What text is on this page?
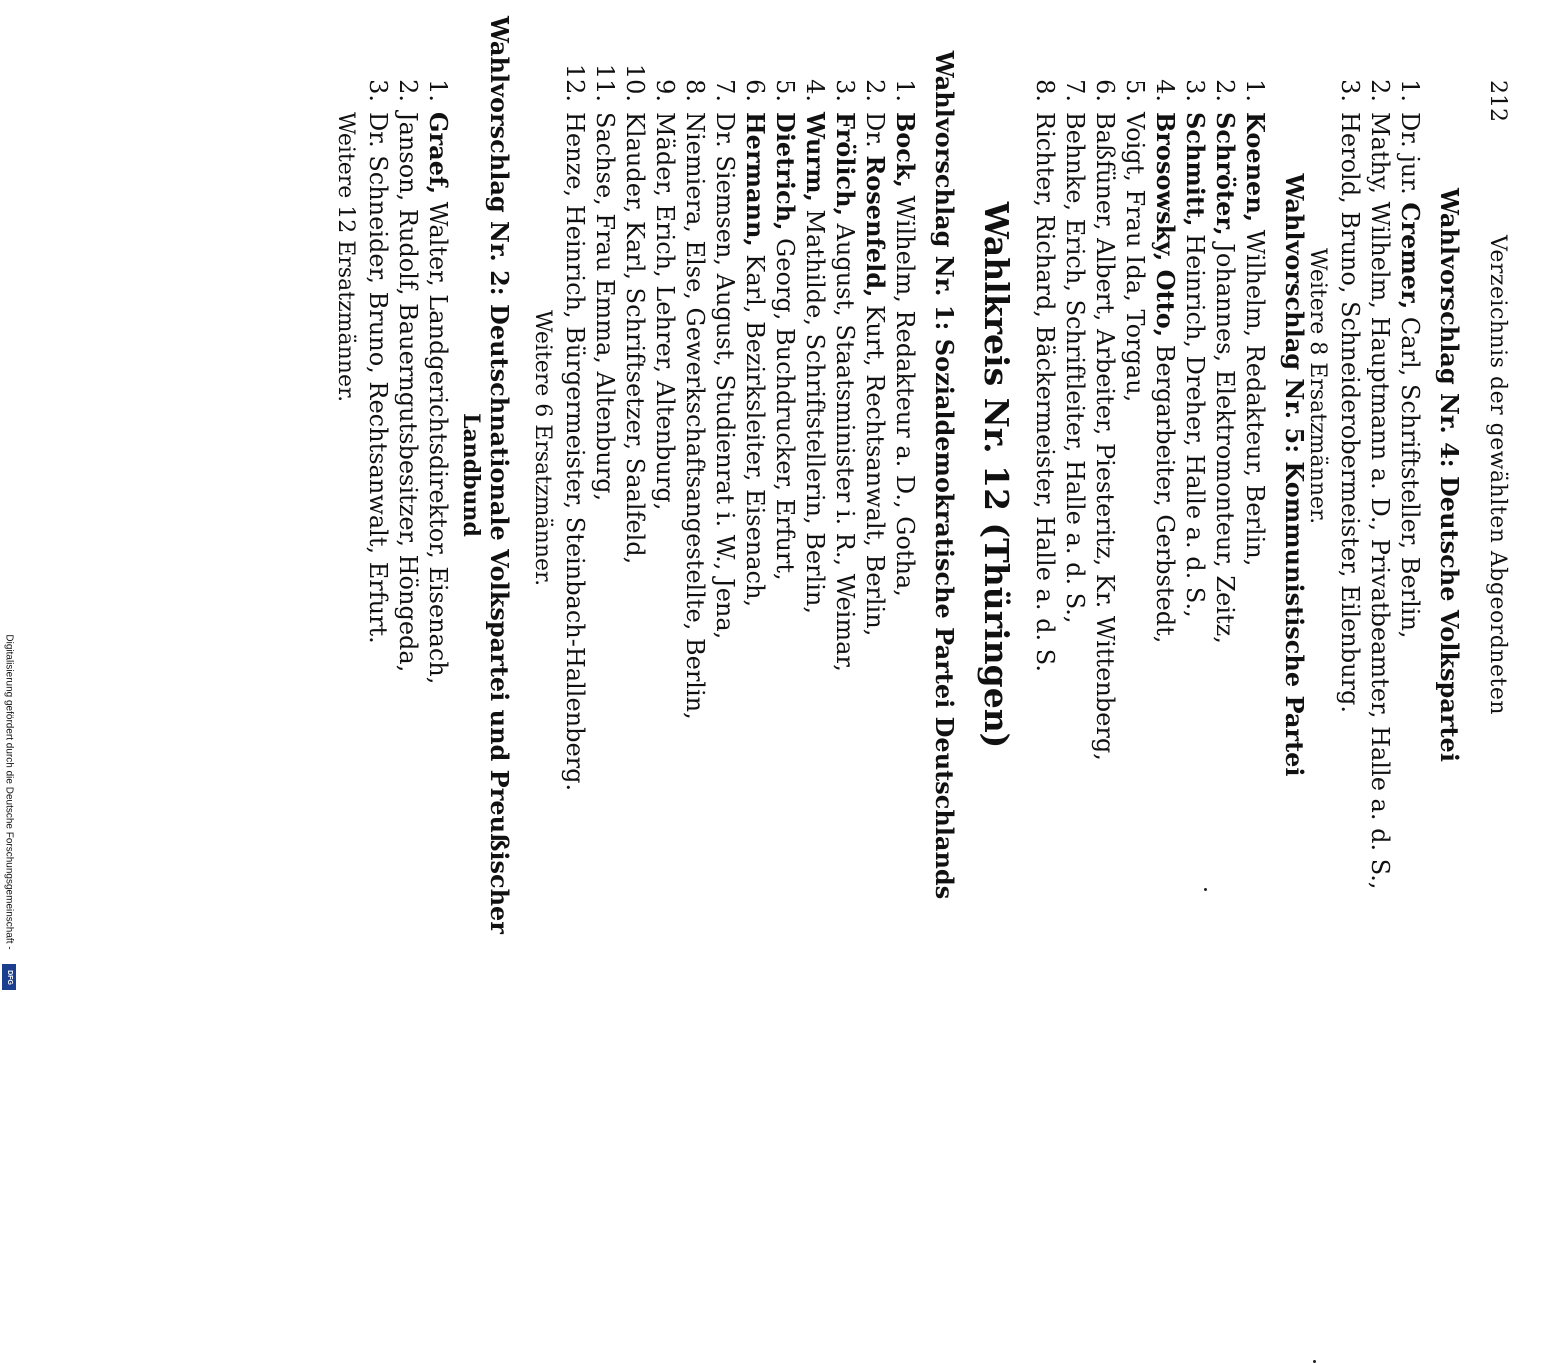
Digitalisierung gefördert durch die Deutsche Forschungsgemeinschaft -
DFG
212
Verzeichnis der gewählten Abgeordneten
Wahlvorschlag Nr. 4: Deutsche Volkspartei
1.Dr. jur. Cremer, Carl, Schriftsteller, Berlin,
2.Mathy, Wilhelm, Hauptmann a. D., Privatbeamter, Halle a. d. S.,
3.Herold, Bruno, Schneiderobermeister, Eilenburg.
Weitere 8 Ersatzmänner.
Wahlvorschlag Nr. 5: Kommunistische Partei
1.Koenen, Wilhelm, Redakteur, Berlin,
2.Schröter, Johannes, Elektromonteur, Zeitz,
3.Schmitt, Heinrich, Dreher, Halle a. d. S.,
4.Brosowsky, Otto, Bergarbeiter, Gerbstedt,
5.Voigt, Frau Ida, Torgau,
6.Baßfüner, Albert, Arbeiter, Piesteritz, Kr. Wittenberg,
7.Behnke, Erich, Schriftleiter, Halle a. d. S.,
8.Richter, Richard, Bäckermeister, Halle a. d. S.
Wahlkreis Nr. 12 (Thüringen)
Wahlvorschlag Nr. 1: Sozialdemokratische Partei Deutschlands
1.Bock, Wilhelm, Redakteur a. D., Gotha,
2.Dr. Rosenfeld, Kurt, Rechtsanwalt, Berlin,
3.Frölich, August, Staatsminister i. R., Weimar,
4.Wurm, Mathilde, Schriftstellerin, Berlin,
5.Dietrich, Georg, Buchdrucker, Erfurt,
6.Hermann, Karl, Bezirksleiter, Eisenach,
7.Dr. Siemsen, August, Studienrat i. W., Jena,
8.Niemiera, Else, Gewerkschaftsangestellte, Berlin,
9.Mäder, Erich, Lehrer, Altenburg,
10.Klauder, Karl, Schriftsetzer, Saalfeld,
11.Sachse, Frau Emma, Altenburg,
12.Henze, Heinrich, Bürgermeister, Steinbach-Hallenberg.
Weitere 6 Ersatzmänner.
Wahlvorschlag Nr. 2: Deutschnationale Volkspartei und Preußischer
Landbund
1.Graef, Walter, Landgerichtsdirektor, Eisenach,
2.Janson, Rudolf, Bauerngutsbesitzer, Höngeda,
3.Dr. Schneider, Bruno, Rechtsanwalt, Erfurt.
Weitere 12 Ersatzmänner.
